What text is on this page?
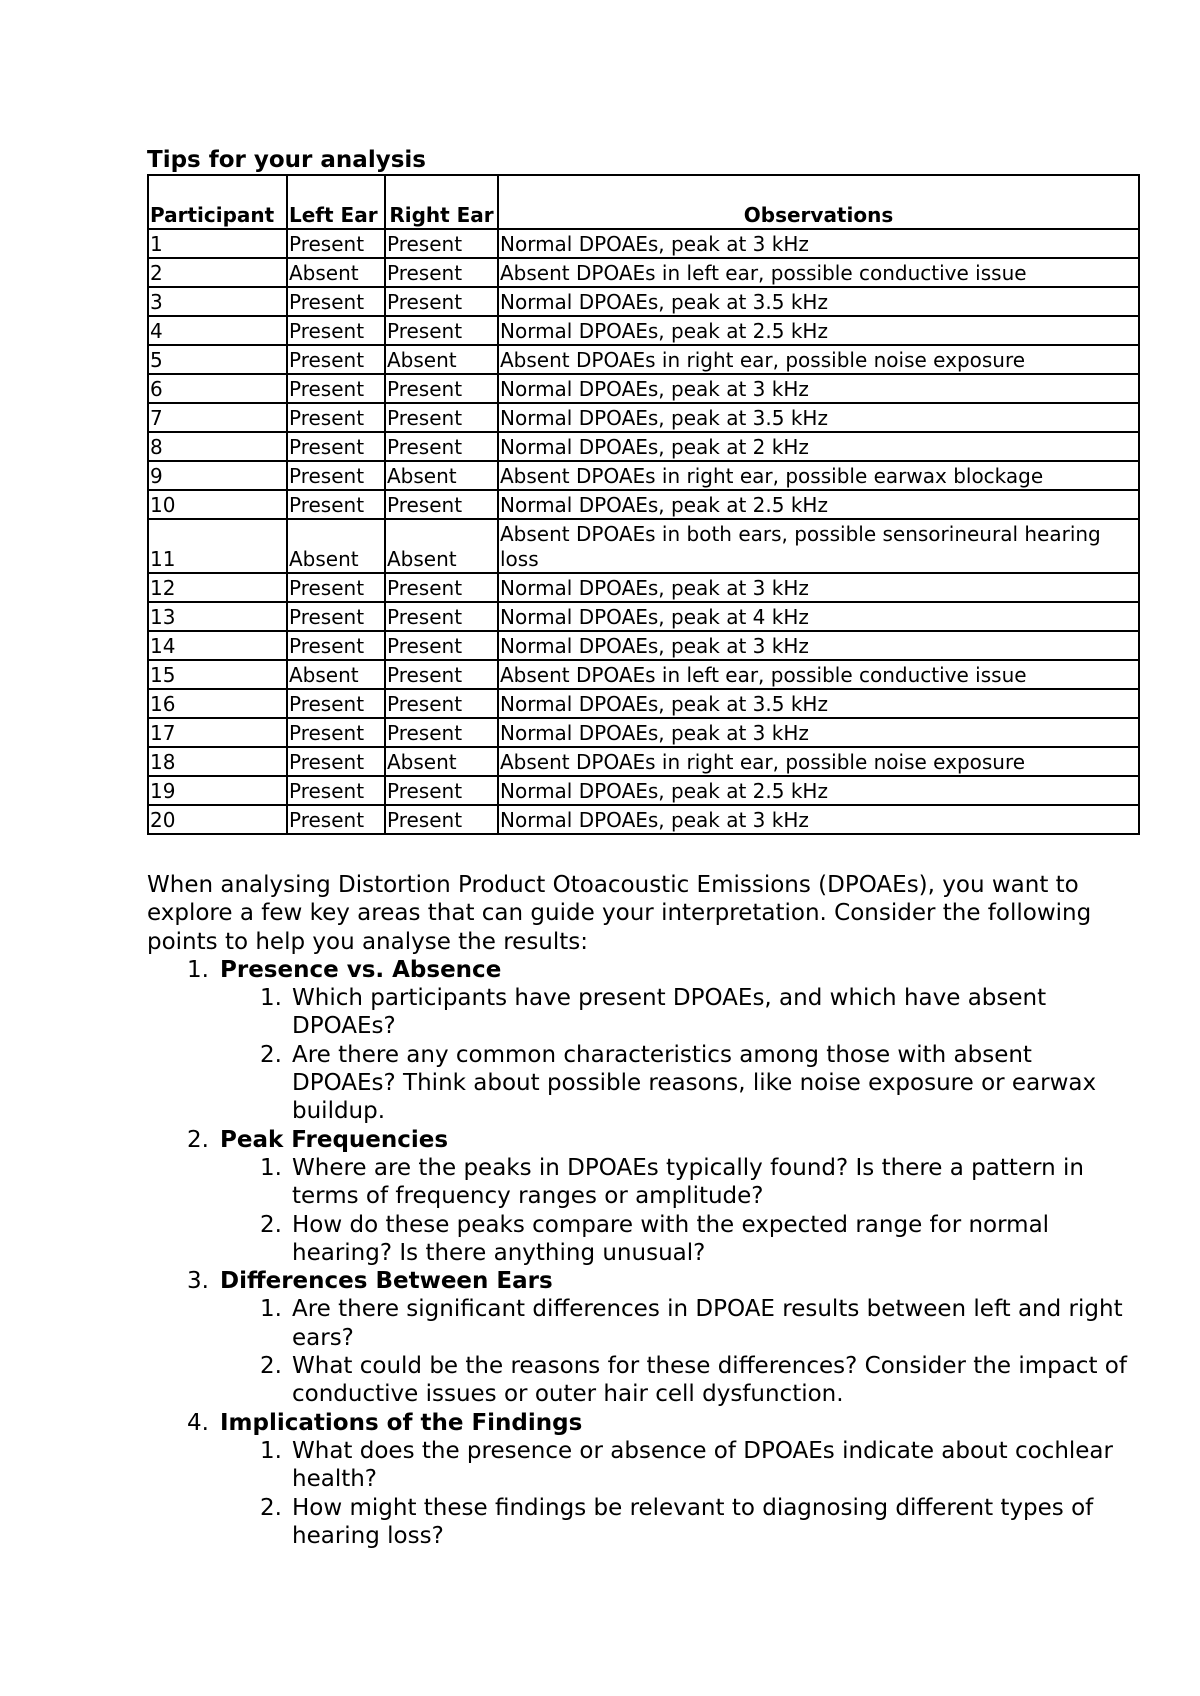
Tips for your analysis
Participant	Left Ear	Right Ear	Observations
1	Present	Present	Normal DPOAEs, peak at 3 kHz
2	Absent	Present	Absent DPOAEs in left ear, possible conductive issue
3	Present	Present	Normal DPOAEs, peak at 3.5 kHz
4	Present	Present	Normal DPOAEs, peak at 2.5 kHz
5	Present	Absent	Absent DPOAEs in right ear, possible noise exposure
6	Present	Present	Normal DPOAEs, peak at 3 kHz
7	Present	Present	Normal DPOAEs, peak at 3.5 kHz
8	Present	Present	Normal DPOAEs, peak at 2 kHz
9	Present	Absent	Absent DPOAEs in right ear, possible earwax blockage
10	Present	Present	Normal DPOAEs, peak at 2.5 kHz
11	Absent	Absent	Absent DPOAEs in both ears, possible sensorineural hearing loss
12	Present	Present	Normal DPOAEs, peak at 3 kHz
13	Present	Present	Normal DPOAEs, peak at 4 kHz
14	Present	Present	Normal DPOAEs, peak at 3 kHz
15	Absent	Present	Absent DPOAEs in left ear, possible conductive issue
16	Present	Present	Normal DPOAEs, peak at 3.5 kHz
17	Present	Present	Normal DPOAEs, peak at 3 kHz
18	Present	Absent	Absent DPOAEs in right ear, possible noise exposure
19	Present	Present	Normal DPOAEs, peak at 2.5 kHz
20	Present	Present	Normal DPOAEs, peak at 3 kHz

When analysing Distortion Product Otoacoustic Emissions (DPOAEs), you want to explore a few key areas that can guide your interpretation. Consider the following points to help you analyse the results:

1. Presence vs. Absence
1. Which participants have present DPOAEs, and which have absent DPOAEs?
2. Are there any common characteristics among those with absent DPOAEs? Think about possible reasons, like noise exposure or earwax buildup.
2. Peak Frequencies
1. Where are the peaks in DPOAEs typically found? Is there a pattern in terms of frequency ranges or amplitude?
2. How do these peaks compare with the expected range for normal hearing? Is there anything unusual?
3. Differences Between Ears
1. Are there significant differences in DPOAE results between left and right ears?
2. What could be the reasons for these differences? Consider the impact of conductive issues or outer hair cell dysfunction.
4. Implications of the Findings
1. What does the presence or absence of DPOAEs indicate about cochlear health?
2. How might these findings be relevant to diagnosing different types of hearing loss?
